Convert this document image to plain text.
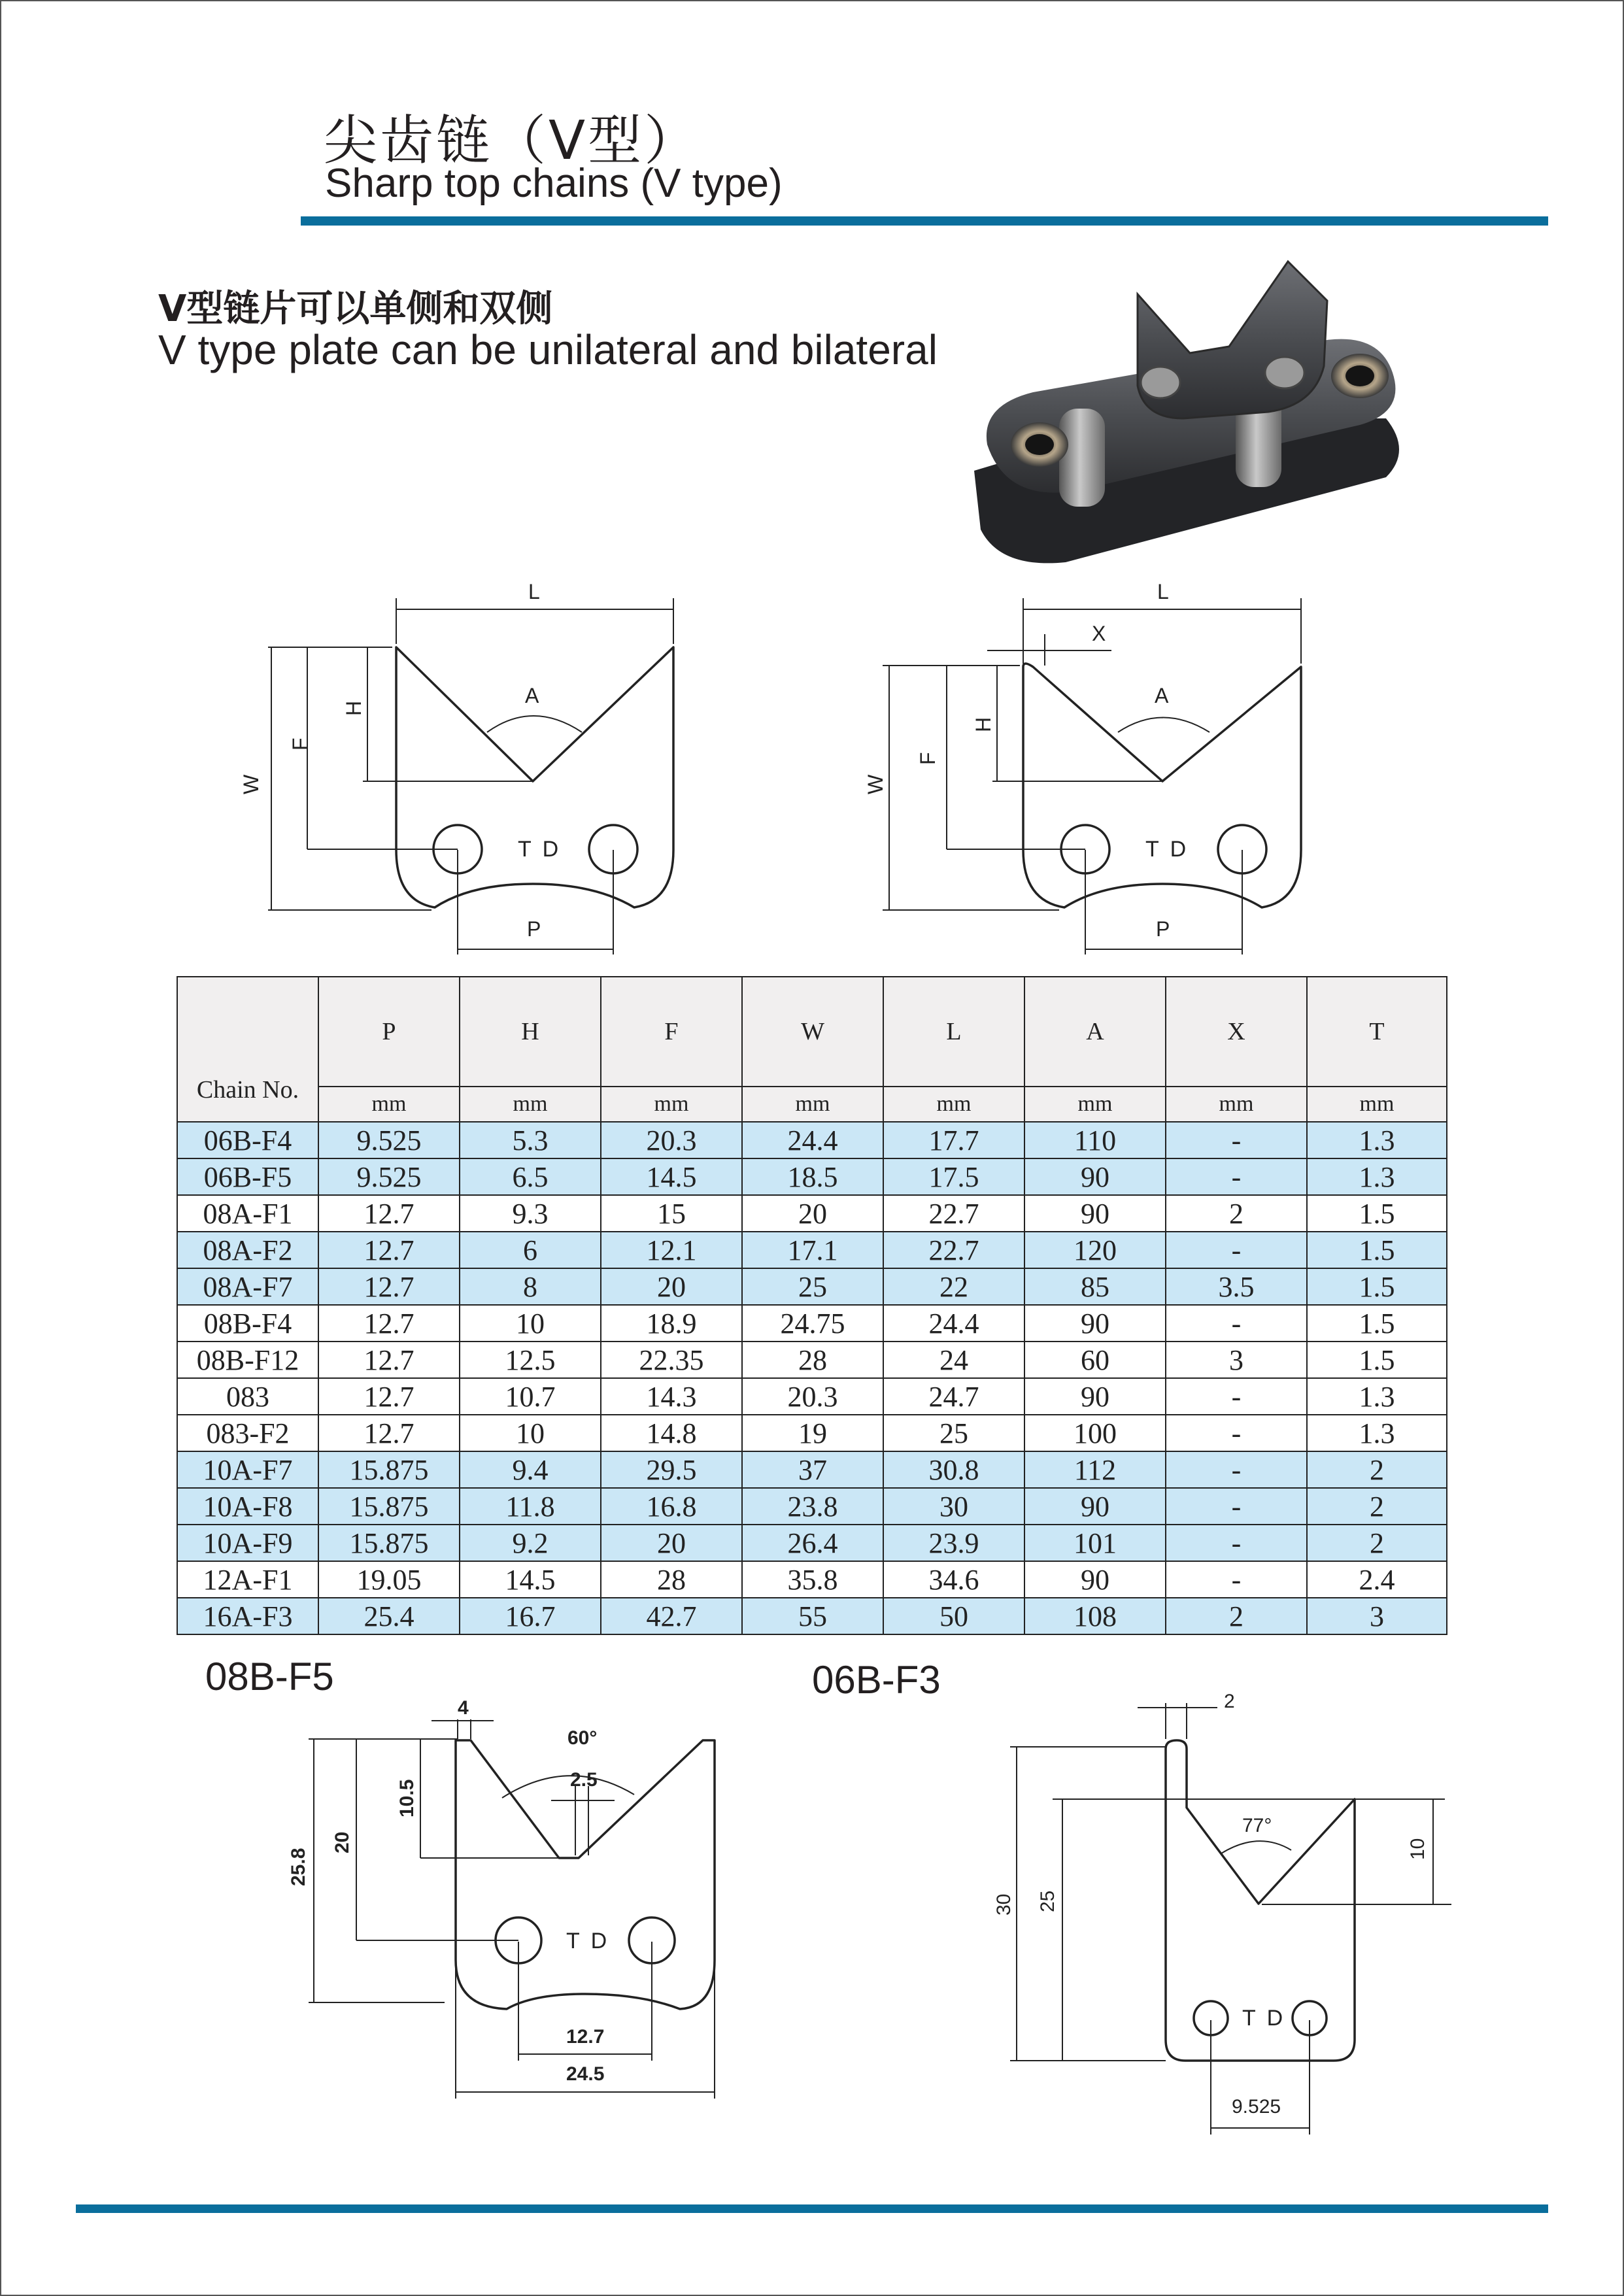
尖齿链（V型）
Sharp top chains (V type)
V型链片可以单侧和双侧
V type plate can be unilateral and bilateral
L
A
H
F
W
P
T D
L
X
A
H
F
W
P
T D
Chain No.	P	H	F	W	L	A	X	T
	mm	mm	mm	mm	mm	mm	mm	mm
06B-F4	9.525	5.3	20.3	24.4	17.7	110	-	1.3
06B-F5	9.525	6.5	14.5	18.5	17.5	90	-	1.3
08A-F1	12.7	9.3	15	20	22.7	90	2	1.5
08A-F2	12.7	6	12.1	17.1	22.7	120	-	1.5
08A-F7	12.7	8	20	25	22	85	3.5	1.5
08B-F4	12.7	10	18.9	24.75	24.4	90	-	1.5
08B-F12	12.7	12.5	22.35	28	24	60	3	1.5
083	12.7	10.7	14.3	20.3	24.7	90	-	1.3
083-F2	12.7	10	14.8	19	25	100	-	1.3
10A-F7	15.875	9.4	29.5	37	30.8	112	-	2
10A-F8	15.875	11.8	16.8	23.8	30	90	-	2
10A-F9	15.875	9.2	20	26.4	23.9	101	-	2
12A-F1	19.05	14.5	28	35.8	34.6	90	-	2.4
16A-F3	25.4	16.7	42.7	55	50	108	2	3
08B-F5
4
60°
2.5
10.5
20
25.8
12.7
24.5
T D
06B-F3	2
77°
10
25
30
9.525
T D
